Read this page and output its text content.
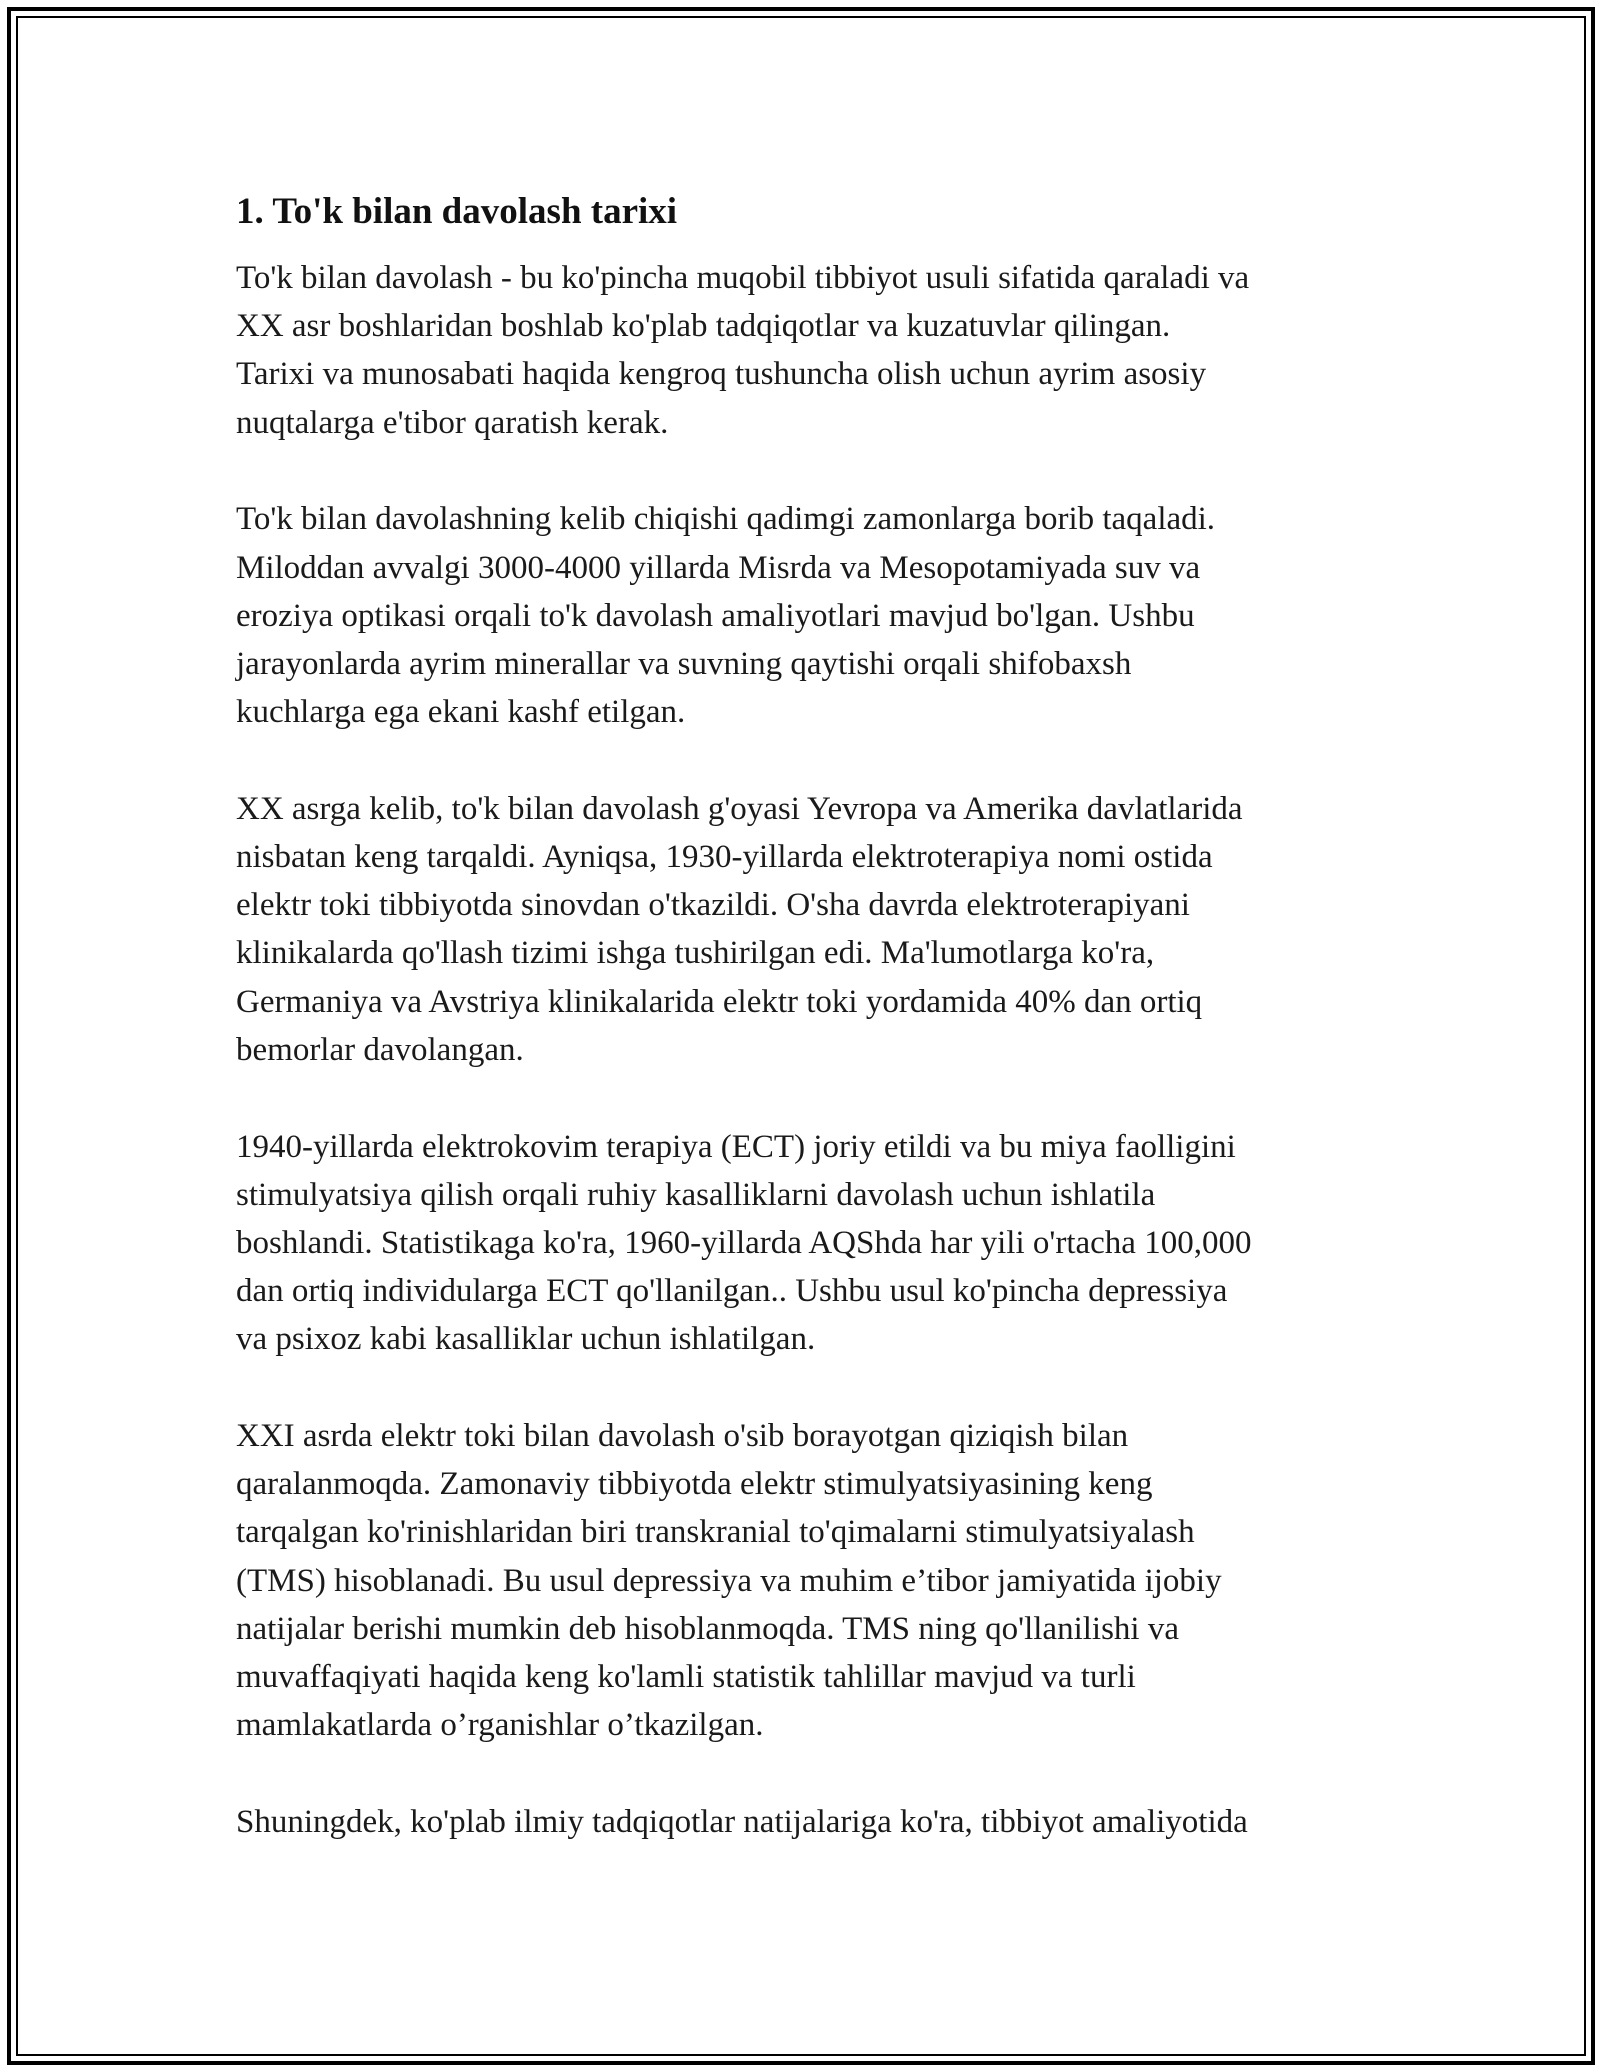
1. To'k bilan davolash tarixi

To'k bilan davolash - bu ko'pincha muqobil tibbiyot usuli sifatida qaraladi va
XX asr boshlaridan boshlab ko'plab tadqiqotlar va kuzatuvlar qilingan.
Tarixi va munosabati haqida kengroq tushuncha olish uchun ayrim asosiy
nuqtalarga e'tibor qaratish kerak.

To'k bilan davolashning kelib chiqishi qadimgi zamonlarga borib taqaladi.
Miloddan avvalgi 3000-4000 yillarda Misrda va Mesopotamiyada suv va
eroziya optikasi orqali to'k davolash amaliyotlari mavjud bo'lgan. Ushbu
jarayonlarda ayrim minerallar va suvning qaytishi orqali shifobaxsh
kuchlarga ega ekani kashf etilgan.

XX asrga kelib, to'k bilan davolash g'oyasi Yevropa va Amerika davlatlarida
nisbatan keng tarqaldi. Ayniqsa, 1930-yillarda elektroterapiya nomi ostida
elektr toki tibbiyotda sinovdan o'tkazildi. O'sha davrda elektroterapiyani
klinikalarda qo'llash tizimi ishga tushirilgan edi. Ma'lumotlarga ko'ra,
Germaniya va Avstriya klinikalarida elektr toki yordamida 40% dan ortiq
bemorlar davolangan.

1940-yillarda elektrokovim terapiya (ECT) joriy etildi va bu miya faolligini
stimulyatsiya qilish orqali ruhiy kasalliklarni davolash uchun ishlatila
boshlandi. Statistikaga ko'ra, 1960-yillarda AQShda har yili o'rtacha 100,000
dan ortiq individularga ECT qo'llanilgan.. Ushbu usul ko'pincha depressiya
va psixoz kabi kasalliklar uchun ishlatilgan.

XXI asrda elektr toki bilan davolash o'sib borayotgan qiziqish bilan
qaralanmoqda. Zamonaviy tibbiyotda elektr stimulyatsiyasining keng
tarqalgan ko'rinishlaridan biri transkranial to'qimalarni stimulyatsiyalash
(TMS) hisoblanadi. Bu usul depressiya va muhim e’tibor jamiyatida ijobiy
natijalar berishi mumkin deb hisoblanmoqda. TMS ning qo'llanilishi va
muvaffaqiyati haqida keng ko'lamli statistik tahlillar mavjud va turli
mamlakatlarda o’rganishlar o’tkazilgan.

Shuningdek, ko'plab ilmiy tadqiqotlar natijalariga ko'ra, tibbiyot amaliyotida
